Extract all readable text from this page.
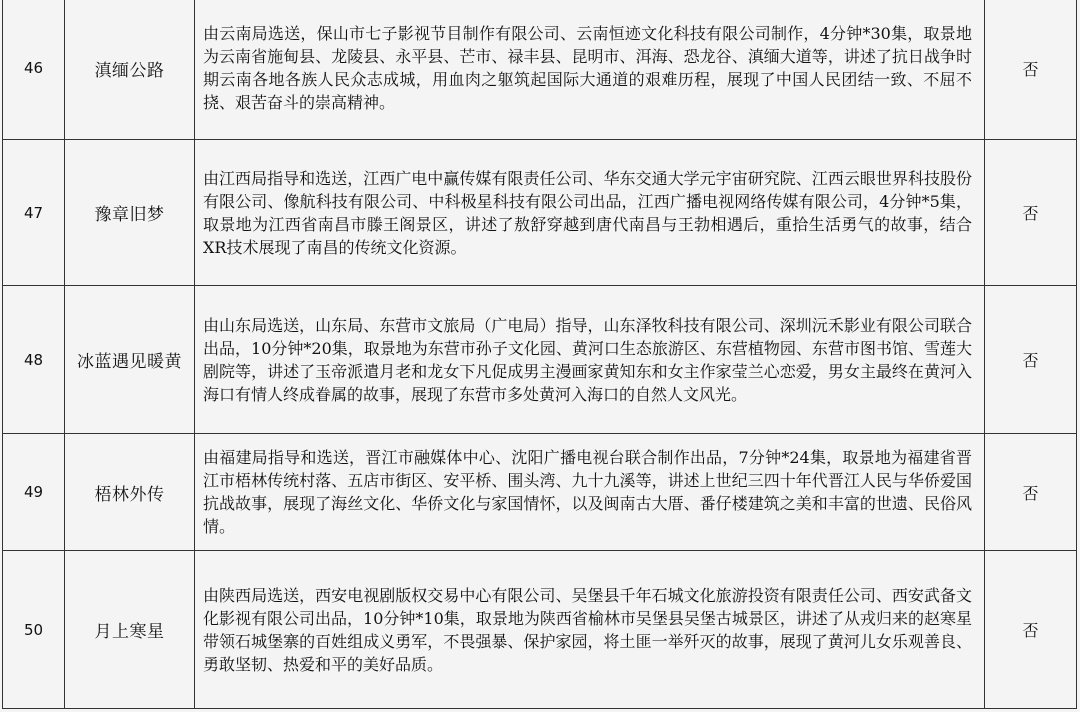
46	滇缅公路	由云南局选送，保山市七子影视节目制作有限公司、云南恒迹文化科技有限公司制作，4分钟*30集，取景地为云南省施甸县、龙陵县、永平县、芒市、禄丰县、昆明市、洱海、恐龙谷、滇缅大道等，讲述了抗日战争时期云南各地各族人民众志成城，用血肉之躯筑起国际大通道的艰难历程，展现了中国人民团结一致、不屈不挠、艰苦奋斗的崇高精神。	否
47	豫章旧梦	由江西局指导和选送，江西广电中赢传媒有限责任公司、华东交通大学元宇宙研究院、江西云眼世界科技股份有限公司、像航科技有限公司、中科极星科技有限公司出品，江西广播电视网络传媒有限公司，4分钟*5集，取景地为江西省南昌市滕王阁景区，讲述了敖舒穿越到唐代南昌与王勃相遇后，重拾生活勇气的故事，结合XR技术展现了南昌的传统文化资源。	否
48	冰蓝遇见暖黄	由山东局选送，山东局、东营市文旅局（广电局）指导，山东泽牧科技有限公司、深圳沅禾影业有限公司联合出品，10分钟*20集，取景地为东营市孙子文化园、黄河口生态旅游区、东营植物园、东营市图书馆、雪莲大剧院等，讲述了玉帝派遣月老和龙女下凡促成男主漫画家黄知东和女主作家莹兰心恋爱，男女主最终在黄河入海口有情人终成眷属的故事，展现了东营市多处黄河入海口的自然人文风光。	否
49	梧林外传	由福建局指导和选送，晋江市融媒体中心、沈阳广播电视台联合制作出品，7分钟*24集，取景地为福建省晋江市梧林传统村落、五店市街区、安平桥、围头湾、九十九溪等，讲述上世纪三四十年代晋江人民与华侨爱国抗战故事，展现了海丝文化、华侨文化与家国情怀，以及闽南古大厝、番仔楼建筑之美和丰富的世遗、民俗风情。	否
50	月上寒星	由陕西局选送，西安电视剧版权交易中心有限公司、吴堡县千年石城文化旅游投资有限责任公司、西安武备文化影视有限公司出品，10分钟*10集，取景地为陕西省榆林市吴堡县吴堡古城景区，讲述了从戎归来的赵寒星带领石城堡寨的百姓组成义勇军，不畏强暴、保护家园，将土匪一举歼灭的故事，展现了黄河儿女乐观善良、勇敢坚韧、热爱和平的美好品质。	否
